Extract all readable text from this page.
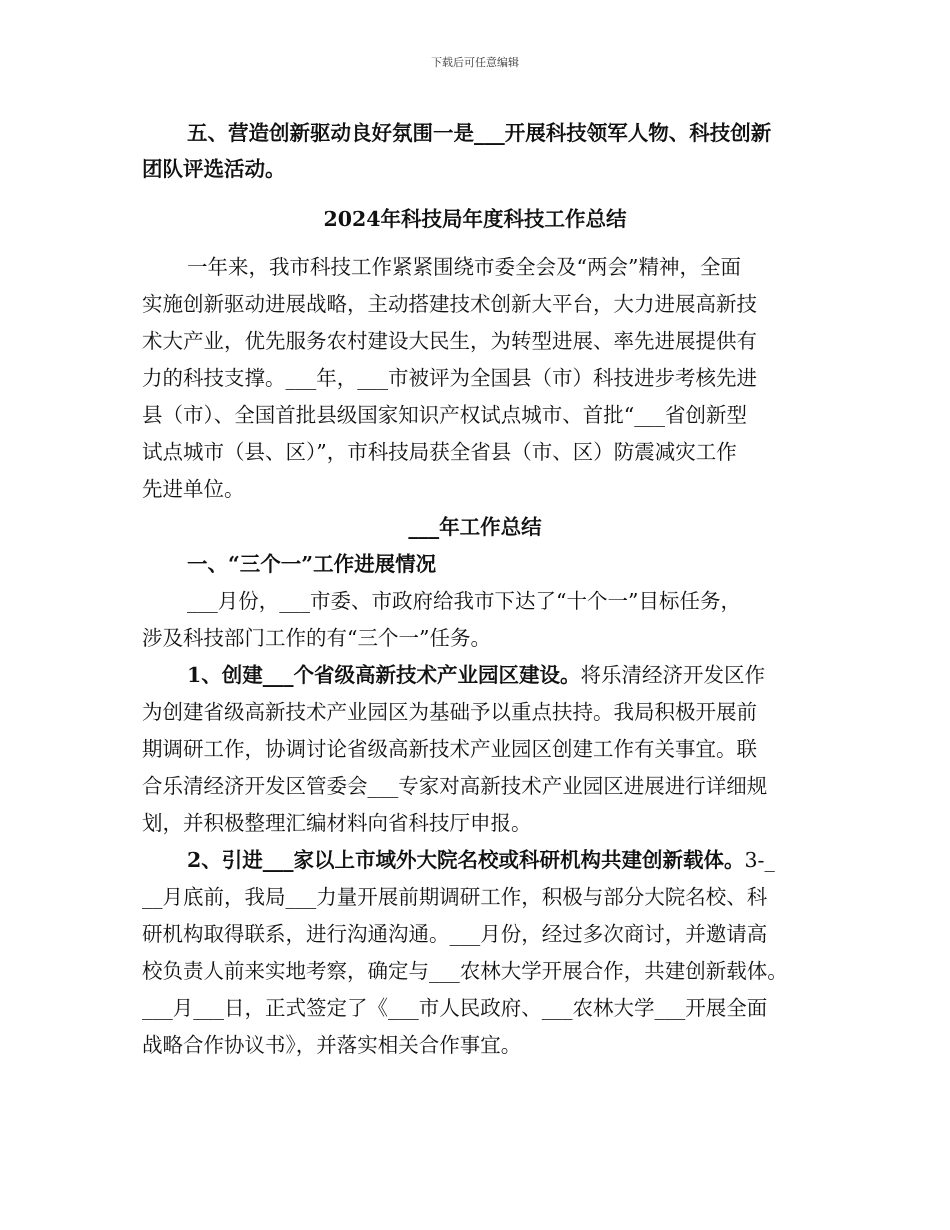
下载后可任意编辑
五、营造创新驱动良好氛围一是___开展科技领军人物、科技创新
团队评选活动。
2024年科技局年度科技工作总结
一年来，我市科技工作紧紧围绕市委全会及“两会”精神，全面
实施创新驱动进展战略，主动搭建技术创新大平台，大力进展高新技
术大产业，优先服务农村建设大民生，为转型进展、率先进展提供有
力的科技支撑。___年，___市被评为全国县（市）科技进步考核先进
县（市）、全国首批县级国家知识产权试点城市、首批“___省创新型
试点城市（县、区）”，市科技局获全省县（市、区）防震减灾工作
先进单位。
___年工作总结
一、“三个一”工作进展情况
___月份，___市委、市政府给我市下达了“十个一”目标任务，
涉及科技部门工作的有“三个一”任务。
1、创建___个省级高新技术产业园区建设。将乐清经济开发区作
为创建省级高新技术产业园区为基础予以重点扶持。我局积极开展前
期调研工作，协调讨论省级高新技术产业园区创建工作有关事宜。联
合乐清经济开发区管委会___专家对高新技术产业园区进展进行详细规
划，并积极整理汇编材料向省科技厅申报。
2、引进___家以上市域外大院名校或科研机构共建创新载体。3-_
__月底前，我局___力量开展前期调研工作，积极与部分大院名校、科
研机构取得联系，进行沟通沟通。___月份，经过多次商讨，并邀请高
校负责人前来实地考察，确定与___农林大学开展合作，共建创新载体。
___月___日，正式签定了《___市人民政府、___农林大学___开展全面
战略合作协议书》，并落实相关合作事宜。
